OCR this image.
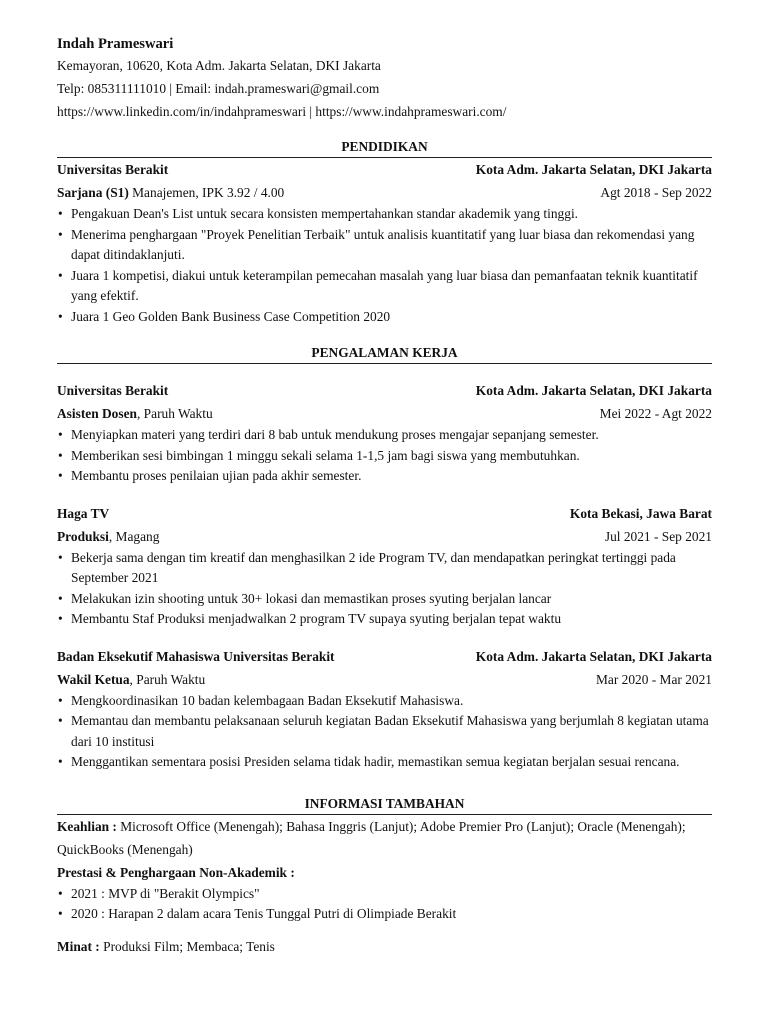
Indah Prameswari
Kemayoran, 10620, Kota Adm. Jakarta Selatan, DKI Jakarta
Telp: 085311111010 | Email: indah.prameswari@gmail.com
https://www.linkedin.com/in/indahprameswari | https://www.indahprameswari.com/
PENDIDIKAN
Universitas Berakit	Kota Adm. Jakarta Selatan, DKI Jakarta
Sarjana (S1) Manajemen, IPK 3.92 / 4.00	Agt 2018 - Sep 2022
• Pengakuan Dean's List untuk secara konsisten mempertahankan standar akademik yang tinggi.
• Menerima penghargaan "Proyek Penelitian Terbaik" untuk analisis kuantitatif yang luar biasa dan rekomendasi yang dapat ditindaklanjuti.
• Juara 1 kompetisi, diakui untuk keterampilan pemecahan masalah yang luar biasa dan pemanfaatan teknik kuantitatif yang efektif.
• Juara 1 Geo Golden Bank Business Case Competition 2020
PENGALAMAN KERJA
Universitas Berakit	Kota Adm. Jakarta Selatan, DKI Jakarta
Asisten Dosen, Paruh Waktu	Mei 2022 - Agt 2022
• Menyiapkan materi yang terdiri dari 8 bab untuk mendukung proses mengajar sepanjang semester.
• Memberikan sesi bimbingan 1 minggu sekali selama 1-1,5 jam bagi siswa yang membutuhkan.
• Membantu proses penilaian ujian pada akhir semester.
Haga TV	Kota Bekasi, Jawa Barat
Produksi, Magang	Jul 2021 - Sep 2021
• Bekerja sama dengan tim kreatif dan menghasilkan 2 ide Program TV, dan mendapatkan peringkat tertinggi pada September 2021
• Melakukan izin shooting untuk 30+ lokasi dan memastikan proses syuting berjalan lancar
• Membantu Staf Produksi menjadwalkan 2 program TV supaya syuting berjalan tepat waktu
Badan Eksekutif Mahasiswa Universitas Berakit	Kota Adm. Jakarta Selatan, DKI Jakarta
Wakil Ketua, Paruh Waktu	Mar 2020 - Mar 2021
• Mengkoordinasikan 10 badan kelembagaan Badan Eksekutif Mahasiswa.
• Memantau dan membantu pelaksanaan seluruh kegiatan Badan Eksekutif Mahasiswa yang berjumlah 8 kegiatan utama dari 10 institusi
• Menggantikan sementara posisi Presiden selama tidak hadir, memastikan semua kegiatan berjalan sesuai rencana.
INFORMASI TAMBAHAN
Keahlian : Microsoft Office (Menengah); Bahasa Inggris (Lanjut); Adobe Premier Pro (Lanjut); Oracle (Menengah); QuickBooks (Menengah)
Prestasi & Penghargaan Non-Akademik :
• 2021 : MVP di "Berakit Olympics"
• 2020 : Harapan 2 dalam acara Tenis Tunggal Putri di Olimpiade Berakit
Minat : Produksi Film; Membaca; Tenis
